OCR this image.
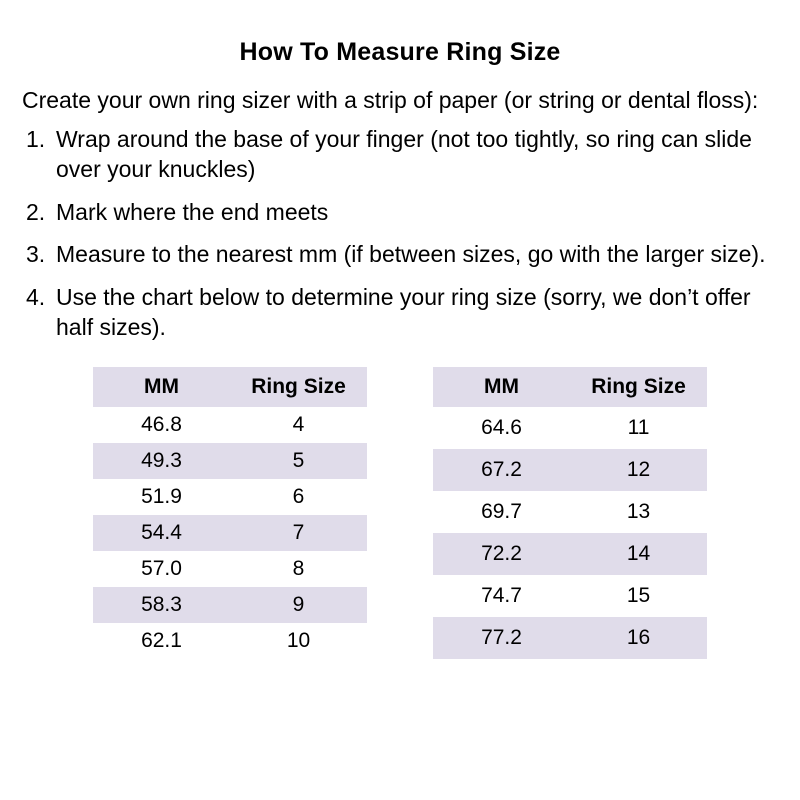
How To Measure Ring Size

Create your own ring sizer with a strip of paper (or string or dental floss):

1. Wrap around the base of your finger (not too tightly, so ring can slide over your knuckles)
2. Mark where the end meets
3. Measure to the nearest mm (if between sizes, go with the larger size).
4. Use the chart below to determine your ring size (sorry, we don’t offer half sizes).
MM	Ring Size
46.8	4
49.3	5
51.9	6
54.4	7
57.0	8
58.3	9
62.1	10
MM	Ring Size
64.6	11
67.2	12
69.7	13
72.2	14
74.7	15
77.2	16
